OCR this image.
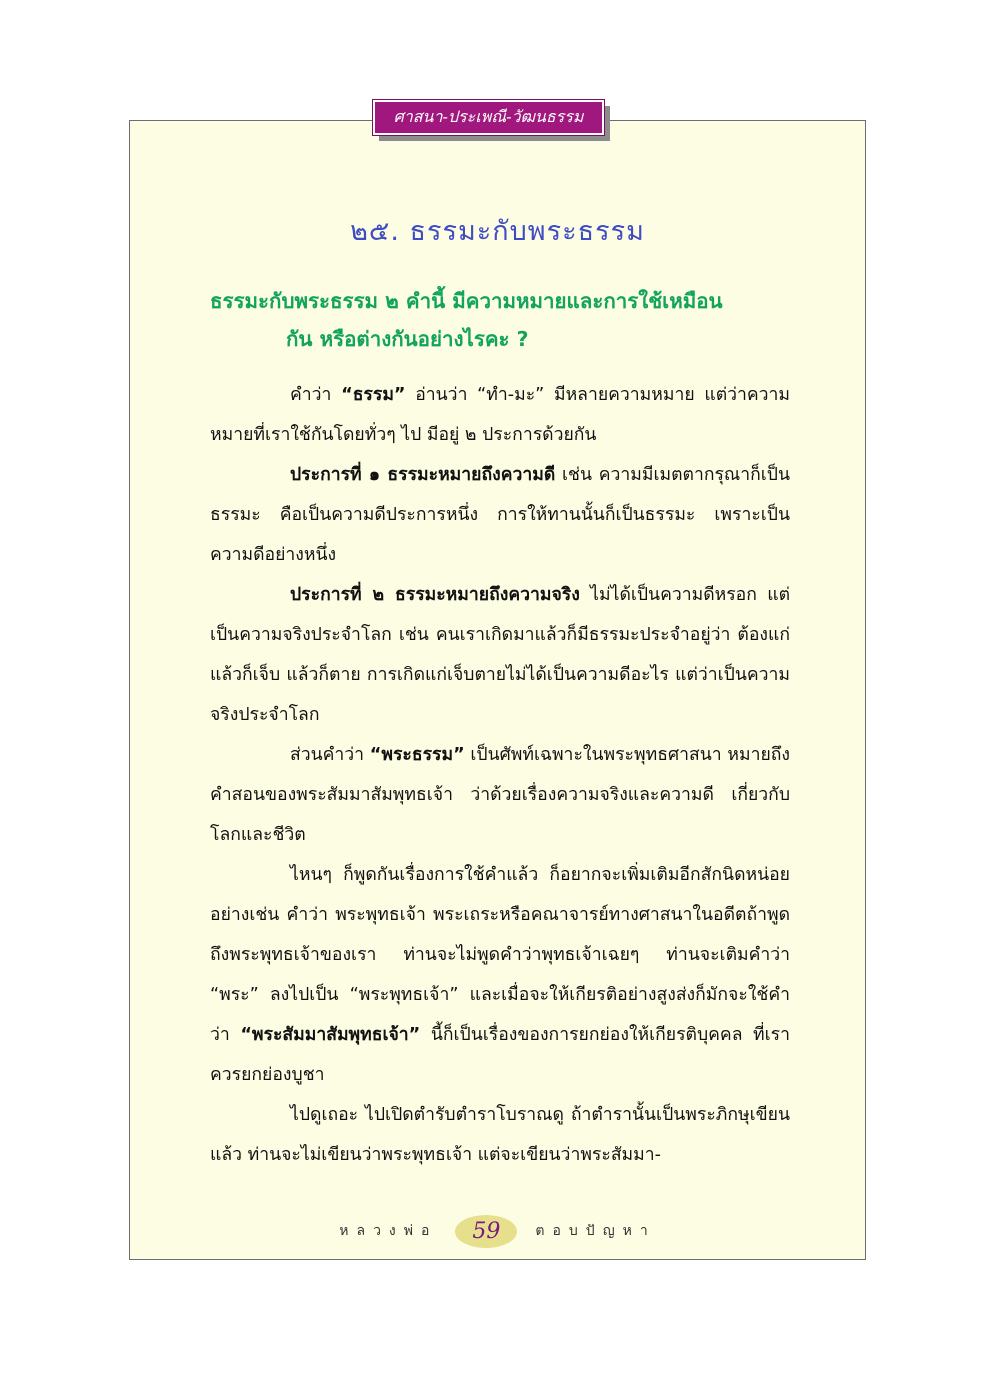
ศาสนา-ประเพณี-วัฒนธรรม
๒๕. ธรรมะกับพระธรรม
ธรรมะกับพระธรรม ๒ คำนี้ มีความหมายและการใช้เหมือน
กัน หรือต่างกันอย่างไรคะ ?

คำว่า “ธรรม” อ่านว่า “ทำ-มะ” มีหลายความหมาย แต่ว่าความหมายที่เราใช้กันโดยทั่วๆ ไป มีอยู่ ๒ ประการด้วยกัน

ประการที่ ๑ ธรรมะหมายถึงความดี เช่น ความมีเมตตากรุณาก็เป็นธรรมะ คือเป็นความดีประการหนึ่ง การให้ทานนั้นก็เป็นธรรมะ เพราะเป็นความดีอย่างหนึ่ง

ประการที่ ๒ ธรรมะหมายถึงความจริง ไม่ได้เป็นความดีหรอก แต่เป็นความจริงประจำโลก เช่น คนเราเกิดมาแล้วก็มีธรรมะประจำอยู่ว่า ต้องแก่ แล้วก็เจ็บ แล้วก็ตาย การเกิดแก่เจ็บตายไม่ได้เป็นความดีอะไร แต่ว่าเป็นความจริงประจำโลก

ส่วนคำว่า “พระธรรม” เป็นศัพท์เฉพาะในพระพุทธศาสนา หมายถึงคำสอนของพระสัมมาสัมพุทธเจ้า ว่าด้วยเรื่องความจริงและความดี เกี่ยวกับโลกและชีวิต

ไหนๆ ก็พูดกันเรื่องการใช้คำแล้ว ก็อยากจะเพิ่มเติมอีกสักนิดหน่อย อย่างเช่น คำว่า พระพุทธเจ้า พระเถระหรือคณาจารย์ทางศาสนาในอดีตถ้าพูดถึงพระพุทธเจ้าของเรา ท่านจะไม่พูดคำว่าพุทธเจ้าเฉยๆ ท่านจะเติมคำว่า “พระ” ลงไปเป็น “พระพุทธเจ้า” และเมื่อจะให้เกียรติอย่างสูงส่งก็มักจะใช้คำว่า “พระสัมมาสัมพุทธเจ้า” นี้ก็เป็นเรื่องของการยกย่องให้เกียรติบุคคล ที่เราควรยกย่องบูชา

ไปดูเถอะ ไปเปิดตำรับตำราโบราณดู ถ้าตำรานั้นเป็นพระภิกษุเขียนแล้ว ท่านจะไม่เขียนว่าพระพุทธเจ้า แต่จะเขียนว่าพระสัมมา-

หลวงพ่อ	59	ตอบปัญหา
